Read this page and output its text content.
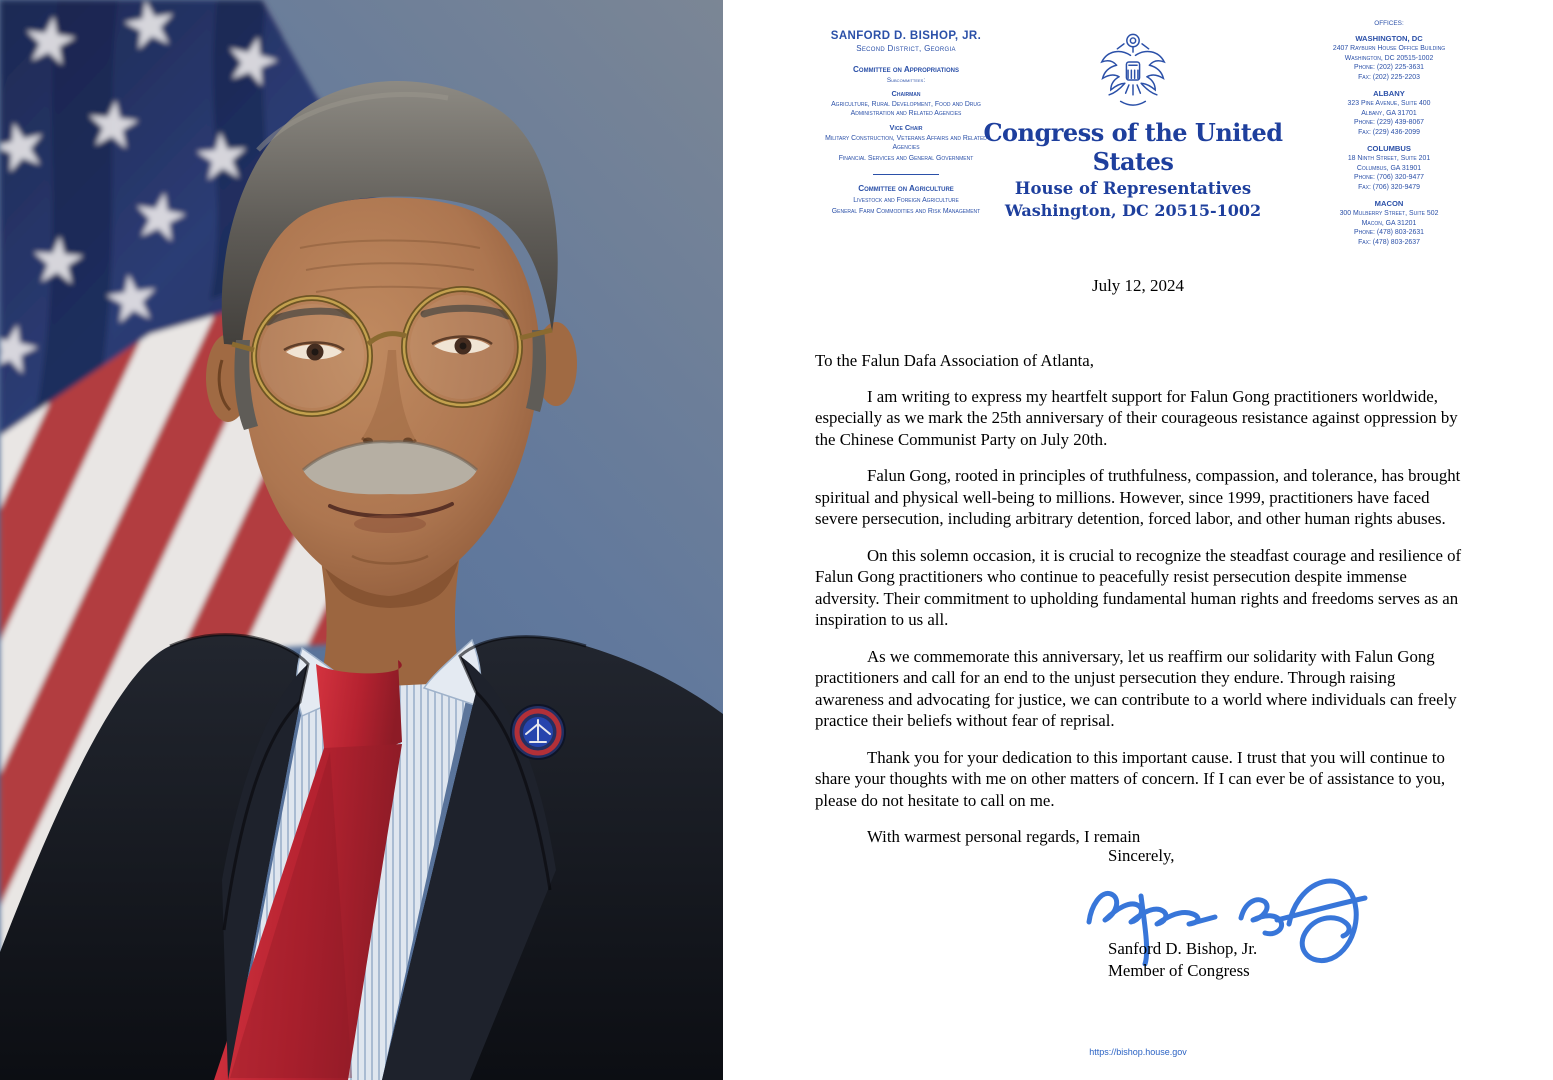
SANFORD D. BISHOP, JR.
Second District, Georgia
Committee on Appropriations
Subcommittees:
Chairman
Agriculture, Rural Development, Food and Drug Administration and Related Agencies
Vice Chair
Military Construction, Veterans Affairs and Related Agencies
Financial Services and General Government
Committee on Agriculture
Livestock and Foreign Agriculture
General Farm Commodities and Risk Management
Congress of the United States
House of Representatives
Washington, DC 20515-1002
OFFICES:
WASHINGTON, DC
2407 Rayburn House Office Building
Washington, DC 20515-1002
Phone: (202) 225-3631
Fax: (202) 225-2203
ALBANY
323 Pine Avenue, Suite 400
Albany, GA 31701
Phone: (229) 439-8067
Fax: (229) 436-2099
COLUMBUS
18 Ninth Street, Suite 201
Columbus, GA 31901
Phone: (706) 320-9477
Fax: (706) 320-9479
MACON
300 Mulberry Street, Suite 502
Macon, GA 31201
Phone: (478) 803-2631
Fax: (478) 803-2637
July 12, 2024

To the Falun Dafa Association of Atlanta,

I am writing to express my heartfelt support for Falun Gong practitioners worldwide, especially as we mark the 25th anniversary of their courageous resistance against oppression by the Chinese Communist Party on July 20th.

Falun Gong, rooted in principles of truthfulness, compassion, and tolerance, has brought spiritual and physical well-being to millions. However, since 1999, practitioners have faced severe persecution, including arbitrary detention, forced labor, and other human rights abuses.

On this solemn occasion, it is crucial to recognize the steadfast courage and resilience of Falun Gong practitioners who continue to peacefully resist persecution despite immense adversity. Their commitment to upholding fundamental human rights and freedoms serves as an inspiration to us all.

As we commemorate this anniversary, let us reaffirm our solidarity with Falun Gong practitioners and call for an end to the unjust persecution they endure. Through raising awareness and advocating for justice, we can contribute to a world where individuals can freely practice their beliefs without fear of reprisal.

Thank you for your dedication to this important cause. I trust that you will continue to share your thoughts with me on other matters of concern. If I can ever be of assistance to you, please do not hesitate to call on me.

With warmest personal regards, I remain

Sincerely,
Sanford D. Bishop, Jr.
Member of Congress
https://bishop.house.gov
